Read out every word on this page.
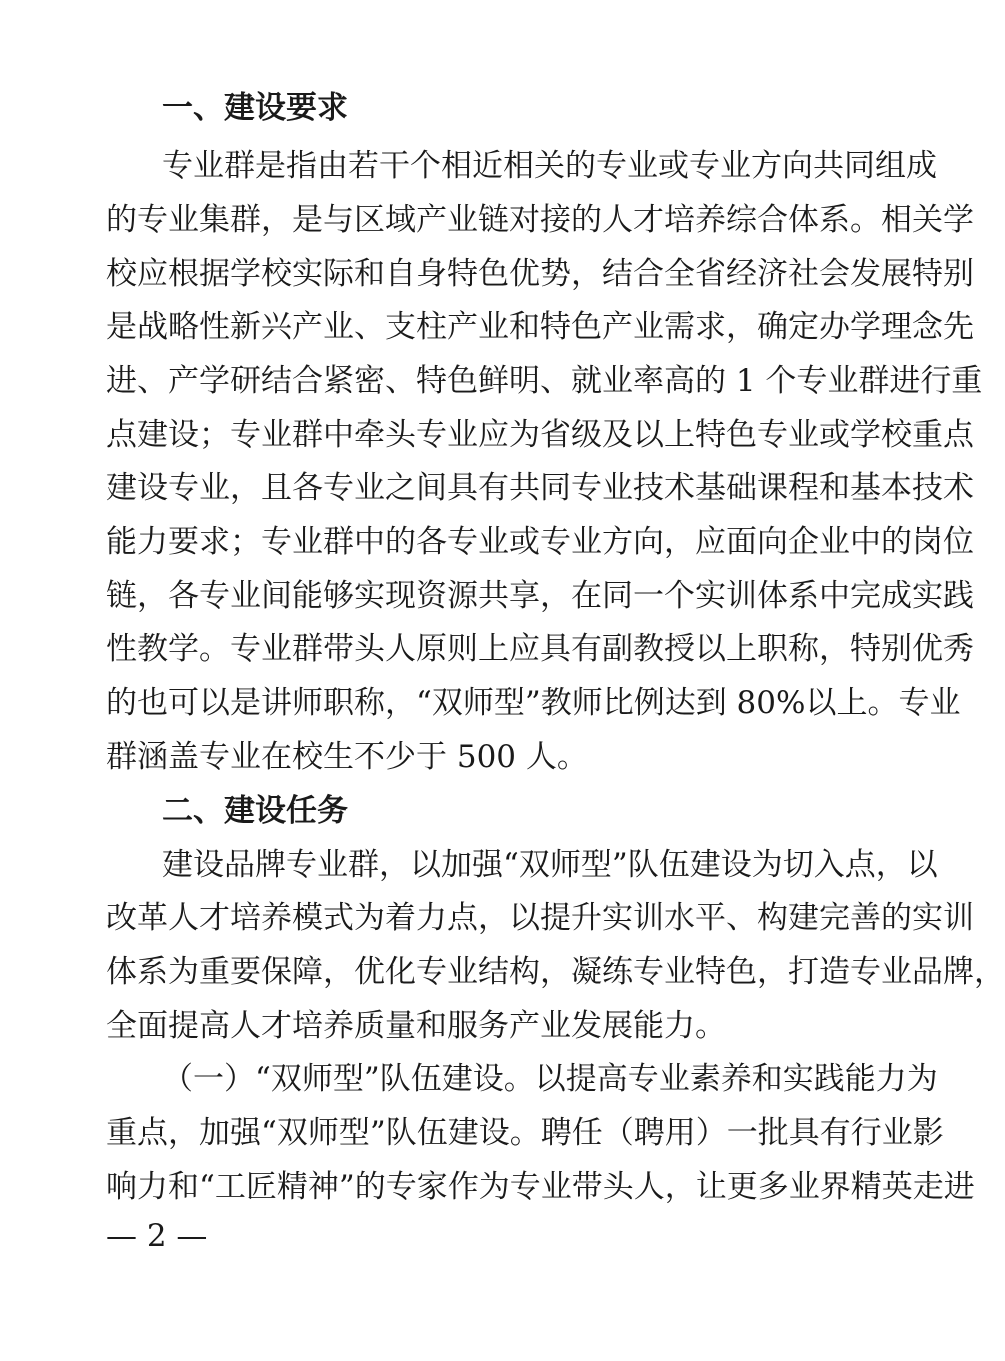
一、建设要求
专业群是指由若干个相近相关的专业或专业方向共同组成
的专业集群，是与区域产业链对接的人才培养综合体系。相关学
校应根据学校实际和自身特色优势，结合全省经济社会发展特别
是战略性新兴产业、支柱产业和特色产业需求，确定办学理念先
进、产学研结合紧密、特色鲜明、就业率高的 1 个专业群进行重
点建设；专业群中牵头专业应为省级及以上特色专业或学校重点
建设专业，且各专业之间具有共同专业技术基础课程和基本技术
能力要求；专业群中的各专业或专业方向，应面向企业中的岗位
链，各专业间能够实现资源共享，在同一个实训体系中完成实践
性教学。专业群带头人原则上应具有副教授以上职称，特别优秀
的也可以是讲师职称，“双师型”教师比例达到 80%以上。专业
群涵盖专业在校生不少于 500 人。
二、建设任务
建设品牌专业群，以加强“双师型”队伍建设为切入点，以
改革人才培养模式为着力点，以提升实训水平、构建完善的实训
体系为重要保障，优化专业结构，凝练专业特色，打造专业品牌，
全面提高人才培养质量和服务产业发展能力。
（一）“双师型”队伍建设。以提高专业素养和实践能力为
重点，加强“双师型”队伍建设。聘任（聘用）一批具有行业影
响力和“工匠精神”的专家作为专业带头人，让更多业界精英走进
— 2 —
